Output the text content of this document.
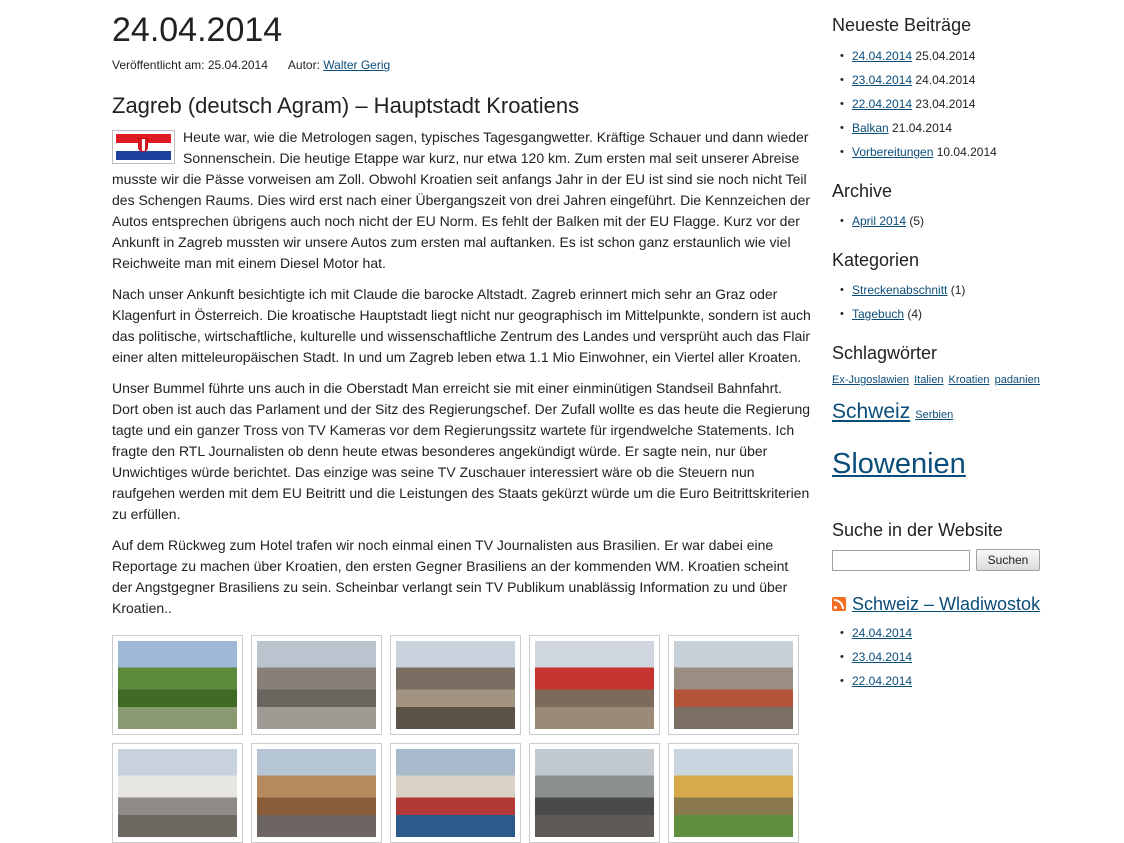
24.04.2014
Veröffentlicht am: 25.04.2014 Autor: Walter Gerig
Zagreb (deutsch Agram) – Hauptstadt Kroatiens

Heute war, wie die Metrologen sagen, typisches Tagesgangwetter. Kräftige Schauer und dann wieder Sonnenschein. Die heutige Etappe war kurz, nur etwa 120 km. Zum ersten mal seit unserer Abreise musste wir die Pässe vorweisen am Zoll. Obwohl Kroatien seit anfangs Jahr in der EU ist sind sie noch nicht Teil des Schengen Raums. Dies wird erst nach einer Übergangszeit von drei Jahren eingeführt. Die Kennzeichen der Autos entsprechen übrigens auch noch nicht der EU Norm. Es fehlt der Balken mit der EU Flagge. Kurz vor der Ankunft in Zagreb mussten wir unsere Autos zum ersten mal auftanken. Es ist schon ganz erstaunlich wie viel Reichweite man mit einem Diesel Motor hat.

Nach unser Ankunft besichtigte ich mit Claude die barocke Altstadt. Zagreb erinnert mich sehr an Graz oder Klagenfurt in Österreich. Die kroatische Hauptstadt liegt nicht nur geographisch im Mittelpunkte, sondern ist auch das politische, wirtschaftliche, kulturelle und wissenschaftliche Zentrum des Landes und versprüht auch das Flair einer alten mitteleuropäischen Stadt. In und um Zagreb leben etwa 1.1 Mio Einwohner, ein Viertel aller Kroaten.

Unser Bummel führte uns auch in die Oberstadt Man erreicht sie mit einer einminütigen Standseil Bahnfahrt. Dort oben ist auch das Parlament und der Sitz des Regierungschef. Der Zufall wollte es das heute die Regierung tagte und ein ganzer Tross von TV Kameras vor dem Regierungssitz wartete für irgendwelche Statements. Ich fragte den RTL Journalisten ob denn heute etwas besonderes angekündigt würde. Er sagte nein, nur über Unwichtiges würde berichtet. Das einzige was seine TV Zuschauer interessiert wäre ob die Steuern nun raufgehen werden mit dem EU Beitritt und die Leistungen des Staats gekürzt würde um die Euro Beitrittskriterien zu erfüllen.

Auf dem Rückweg zum Hotel trafen wir noch einmal einen TV Journalisten aus Brasilien. Er war dabei eine Reportage zu machen über Kroatien, den ersten Gegner Brasiliens an der kommenden WM. Kroatien scheint der Angstgegner Brasiliens zu sein. Scheinbar verlangt sein TV Publikum unablässig Information zu und über Kroatien..

Neueste Beiträge
• 24.04.2014 25.04.2014
• 23.04.2014 24.04.2014
• 22.04.2014 23.04.2014
• Balkan 21.04.2014
• Vorbereitungen 10.04.2014
Archive
• April 2014 (5)
Kategorien
• Streckenabschnitt (1)
• Tagebuch (4)
Schlagwörter
Ex-Jugoslawien Italien Kroatien padanien
Schweiz Serbien
Slowenien
Suche in der Website
Suchen
Schweiz – Wladiwostok
• 24.04.2014
• 23.04.2014
• 22.04.2014
